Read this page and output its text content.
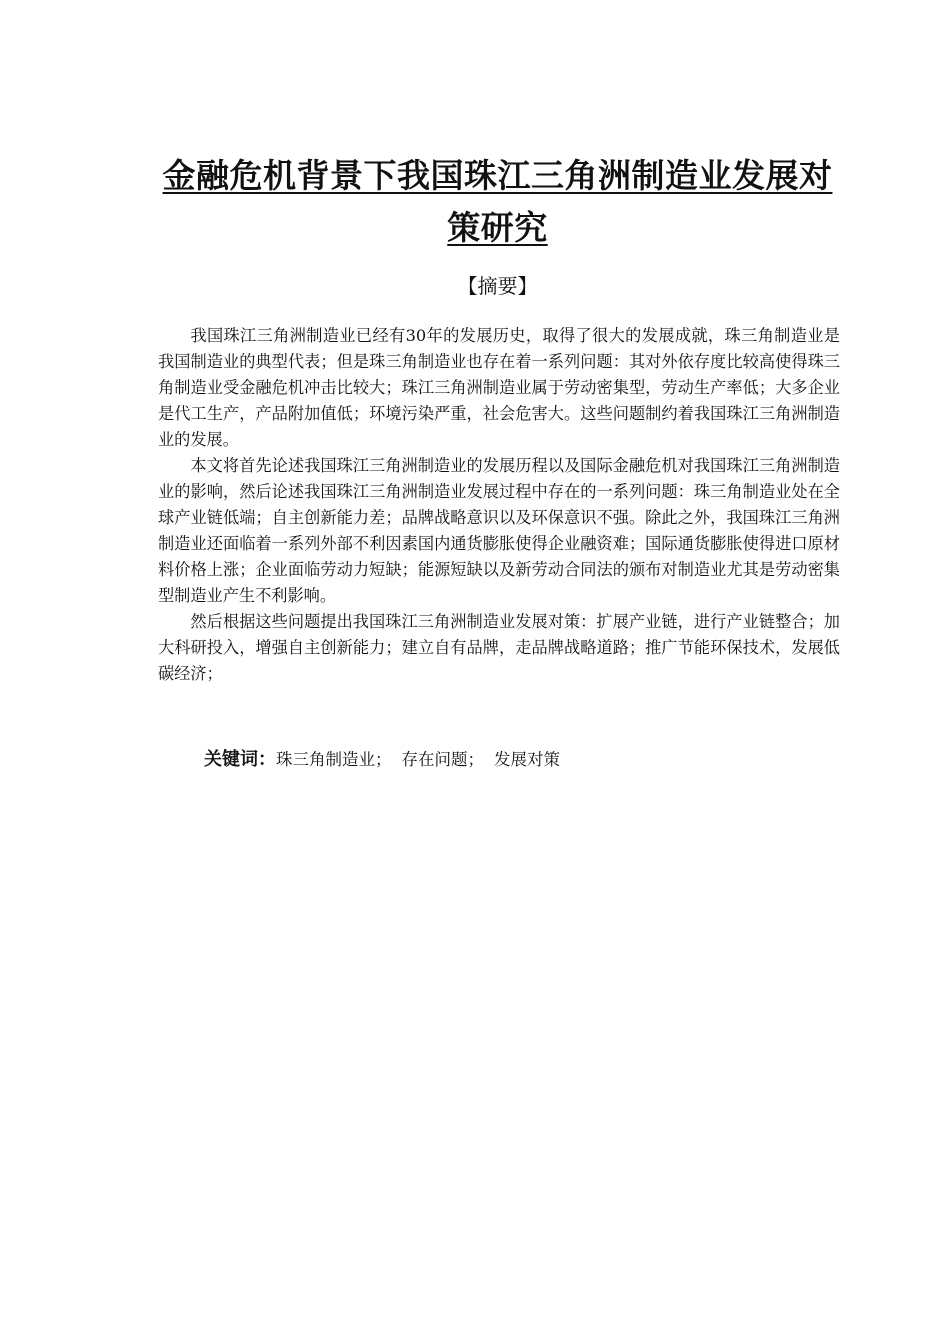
金融危机背景下我国珠江三角洲制造业发展对策研究
【摘要】

我国珠江三角洲制造业已经有30年的发展历史，取得了很大的发展成就，珠三角制造业是我国制造业的典型代表；但是珠三角制造业也存在着一系列问题：其对外依存度比较高使得珠三角制造业受金融危机冲击比较大；珠江三角洲制造业属于劳动密集型，劳动生产率低；大多企业是代工生产，产品附加值低；环境污染严重，社会危害大。这些问题制约着我国珠江三角洲制造业的发展。

本文将首先论述我国珠江三角洲制造业的发展历程以及国际金融危机对我国珠江三角洲制造业的影响，然后论述我国珠江三角洲制造业发展过程中存在的一系列问题：珠三角制造业处在全球产业链低端；自主创新能力差；品牌战略意识以及环保意识不强。除此之外，我国珠江三角洲制造业还面临着一系列外部不利因素国内通货膨胀使得企业融资难；国际通货膨胀使得进口原材料价格上涨；企业面临劳动力短缺；能源短缺以及新劳动合同法的颁布对制造业尤其是劳动密集型制造业产生不利影响。

然后根据这些问题提出我国珠江三角洲制造业发展对策：扩展产业链，进行产业链整合；加大科研投入，增强自主创新能力；建立自有品牌，走品牌战略道路；推广节能环保技术，发展低碳经济；

关键词：珠三角制造业； 存在问题； 发展对策
